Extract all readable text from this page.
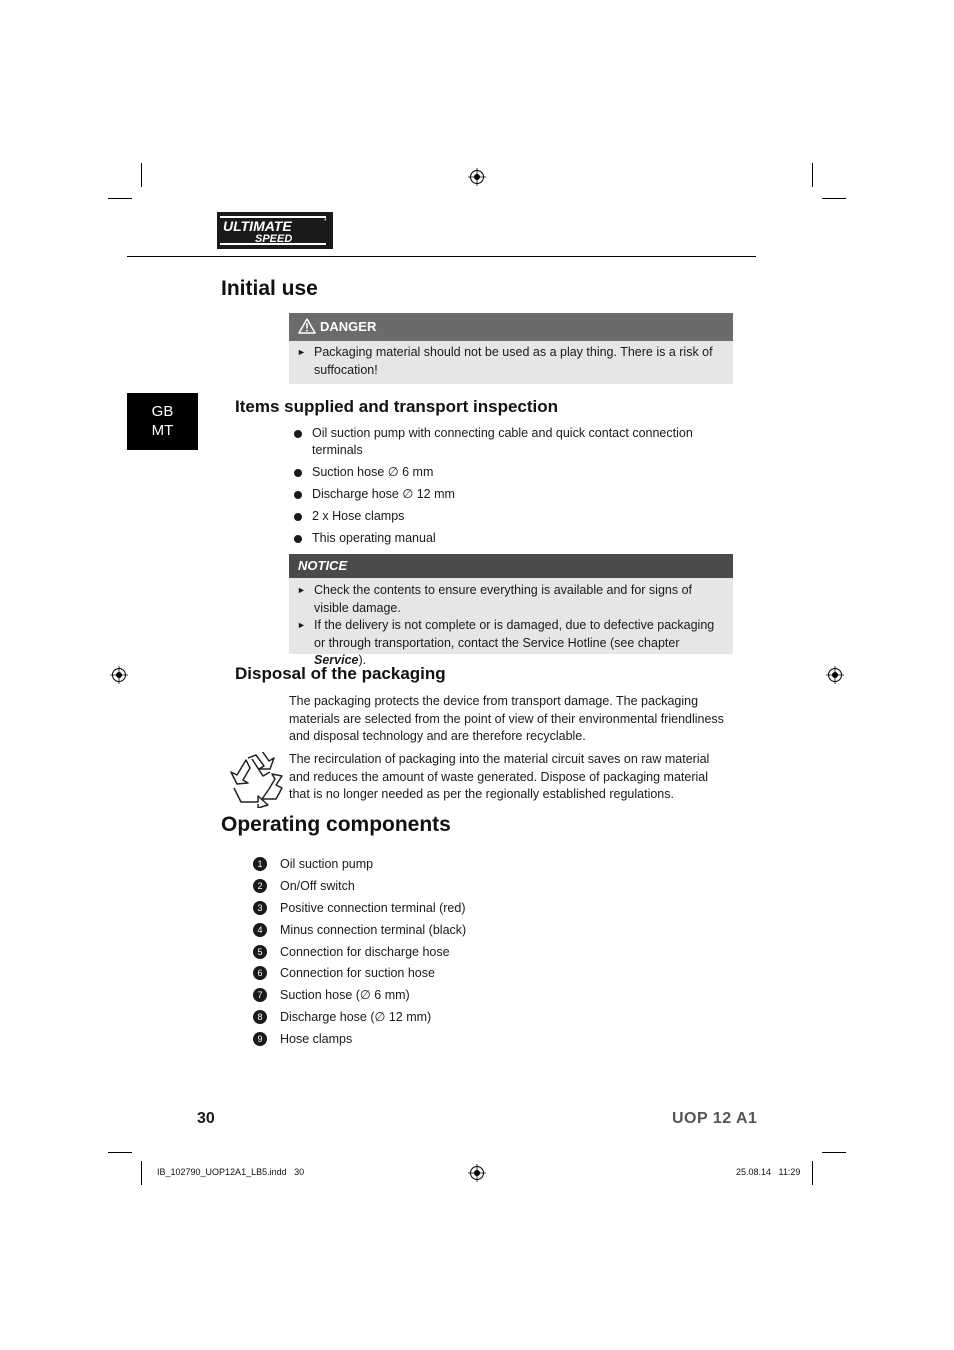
ULTIMATE
SPEED
*
Initial use
DANGER
► Packaging material should not be used as a play thing. There is a risk of suffocation!
GB
MT
Items supplied and transport inspection
Oil suction pump with connecting cable and quick contact connection terminals
Suction hose ∅ 6 mm
Discharge hose ∅ 12 mm
2 x Hose clamps
This operating manual
NOTICE
► Check the contents to ensure everything is available and for signs of visible damage.
► If the delivery is not complete or is damaged, due to defective packaging or through transportation, contact the Service Hotline (see chapter Service).
Disposal of the packaging
The packaging protects the device from transport damage. The packaging materials are selected from the point of view of their environmental friendliness and disposal technology and are therefore recyclable.
The recirculation of packaging into the material circuit saves on raw material and reduces the amount of waste generated. Dispose of packaging material that is no longer needed as per the regionally established regulations.
Operating components
1	Oil suction pump
2	On/Off switch
3	Positive connection terminal (red)
4	Minus connection terminal (black)
5	Connection for discharge hose
6	Connection for suction hose
7	Suction hose (∅ 6 mm)
8	Discharge hose (∅ 12 mm)
9	Hose clamps
30	UOP 12 A1
IB_102790_UOP12A1_LB5.indd   30	25.08.14   11:29
